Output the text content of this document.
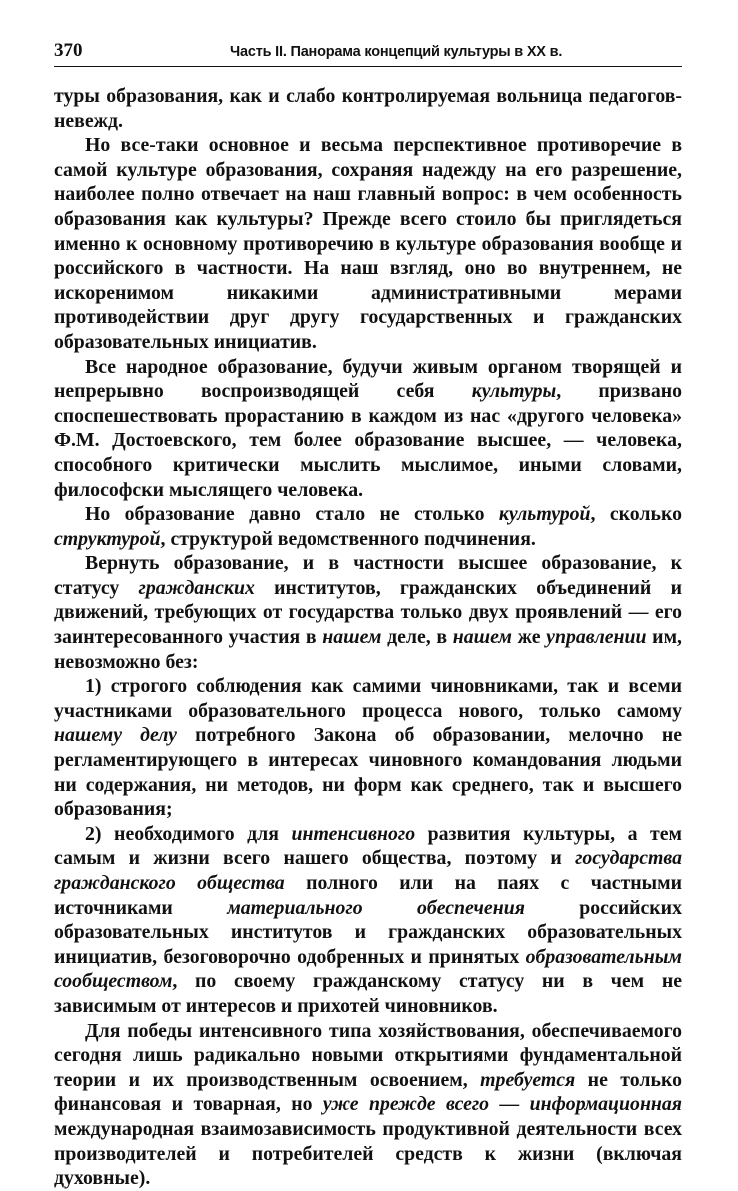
370	Часть II. Панорама концепций культуры в XX в.

туры образования, как и слабо контролируемая вольница педагогов-невежд.

Но все-таки основное и весьма перспективное противоречие в самой культуре образования, сохраняя надежду на его разрешение, наиболее полно отвечает на наш главный вопрос: в чем особенность образования как культуры? Прежде всего стоило бы приглядеться именно к основному противоречию в культуре образования вообще и российского в частности. На наш взгляд, оно во внутреннем, не искоренимом никакими административными мерами противодействии друг другу государственных и гражданских образовательных инициатив.

Все народное образование, будучи живым органом творящей и непрерывно воспроизводящей себя культуры, призвано споспешествовать прорастанию в каждом из нас «другого человека» Ф.М. Достоевского, тем более образование высшее, — человека, способного критически мыслить мыслимое, иными словами, философски мыслящего человека.

Но образование давно стало не столько культурой, сколько структурой, структурой ведомственного подчинения.

Вернуть образование, и в частности высшее образование, к статусу гражданских институтов, гражданских объединений и движений, требующих от государства только двух проявлений — его заинтересованного участия в нашем деле, в нашем же управлении им, невозможно без:

1) строгого соблюдения как самими чиновниками, так и всеми участниками образовательного процесса нового, только самому нашему делу потребного Закона об образовании, мелочно не регламентирующего в интересах чиновного командования людьми ни содержания, ни методов, ни форм как среднего, так и высшего образования;

2) необходимого для интенсивного развития культуры, а тем самым и жизни всего нашего общества, поэтому и государства гражданского общества полного или на паях с частными источниками материального обеспечения российских образовательных институтов и гражданских образовательных инициатив, безоговорочно одобренных и принятых образовательным сообществом, по своему гражданскому статусу ни в чем не зависимым от интересов и прихотей чиновников.

Для победы интенсивного типа хозяйствования, обеспечиваемого сегодня лишь радикально новыми открытиями фундаментальной теории и их производственным освоением, требуется не только финансовая и товарная, но уже прежде всего — информационная международная взаимозависимость продуктивной деятельности всех производителей и потребителей средств к жизни (включая духовные).
